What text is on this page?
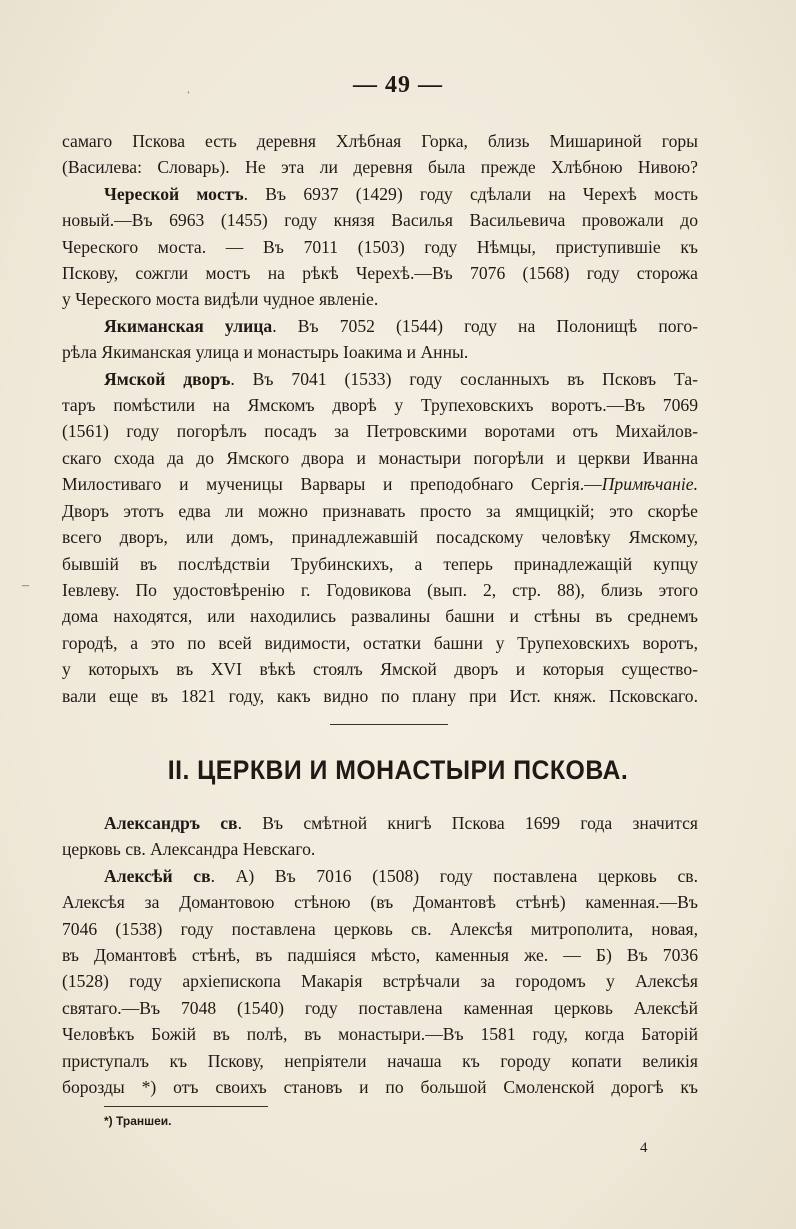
ˈ
–
— 49 —

самаго Пскова есть деревня Хлѣбная Горка, близь Мишариной горы
(Василева: Словарь). Не эта ли деревня была прежде Хлѣбною Нивою?

Череской мостъ. Въ 6937 (1429) году сдѣлали на Черехѣ мость

новый.—Въ 6963 (1455) году князя Василья Васильевича провожали до

Череского моста. — Въ 7011 (1503) году Нѣмцы, приступившіе къ

Пскову, сожгли мостъ на рѣкѣ Черехѣ.—Въ 7076 (1568) году сторожа

у Череского моста видѣли чудное явленіе.

Якиманская улица. Въ 7052 (1544) году на Полонищѣ пого-

рѣла Якиманская улица и монастырь Іоакима и Анны.

Ямской дворъ. Въ 7041 (1533) году сосланныхъ въ Псковъ Та-

таръ помѣстили на Ямскомъ дворѣ у Трупеховскихъ воротъ.—Въ 7069

(1561) году погорѣлъ посадъ за Петровскими воротами отъ Михайлов-

скаго схода да до Ямского двора и монастыри погорѣли и церкви Иванна

Милостиваго и мученицы Варвары и преподобнаго Сергія.—Примѣчаніе.

Дворъ этотъ едва ли можно признавать просто за ямщицкій; это скорѣе

всего дворъ, или домъ, принадлежавшій посадскому человѣку Ямскому,

бывшій въ послѣдствіи Трубинскихъ, а теперь принадлежащій купцу

Іевлеву. По удостовѣренію г. Годовикова (вып. 2, стр. 88), близь этого

дома находятся, или находились развалины башни и стѣны въ среднемъ

городѣ, а это по всей видимости, остатки башни у Трупеховскихъ воротъ,

у которыхъ въ XVI вѣкѣ стоялъ Ямской дворъ и которыя существо-

вали еще въ 1821 году, какъ видно по плану при Ист. княж. Псковскаго.

II. ЦЕРКВИ И МОНАСТЫРИ ПСКОВА.

Александръ св. Въ смѣтной книгѣ Пскова 1699 года значится

церковь св. Александра Невскаго.

Алексѣй св. А) Въ 7016 (1508) году поставлена церковь св.

Алексѣя за Домантовою стѣною (въ Домантовѣ стѣнѣ) каменная.—Въ

7046 (1538) году поставлена церковь св. Алексѣя митрополита, новая,

въ Домантовѣ стѣнѣ, въ падшіяся мѣсто, каменныя же. — Б) Въ 7036

(1528) году архіепископа Макарія встрѣчали за городомъ у Алексѣя

святаго.—Въ 7048 (1540) году поставлена каменная церковь Алексѣй

Человѣкъ Божій въ полѣ, въ монастыри.—Въ 1581 году, когда Баторій

приступалъ къ Пскову, непріятели начаша къ городу копати великія

борозды *) отъ своихъ становъ и по большой Смоленской дорогѣ къ

*) Траншеи.
4
